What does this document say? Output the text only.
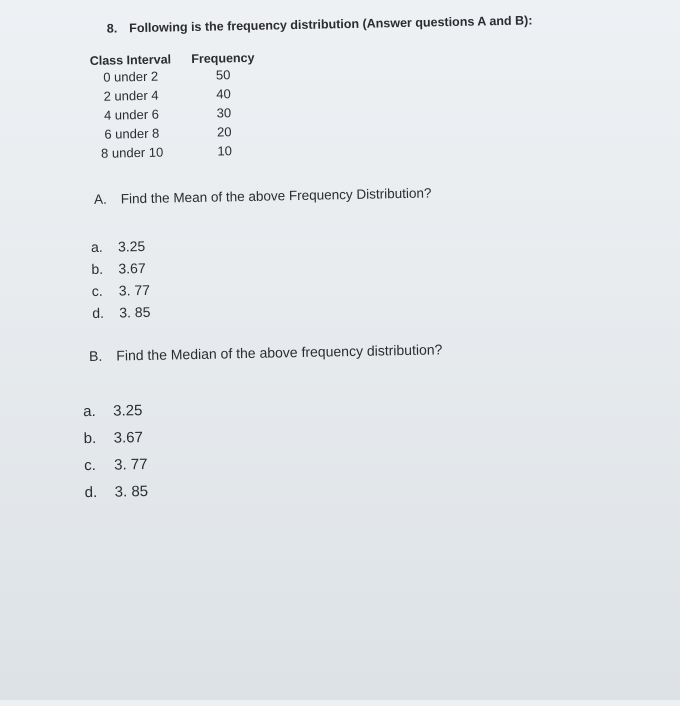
8. Following is the frequency distribution (Answer questions A and B):
Class Interval	Frequency
0 under 2	50
2 under 4	40
4 under 6	30
6 under 8	20
8 under 10	10
A. Find the Mean of the above Frequency Distribution?
a.	3.25
b.	3.67
c.	3. 77
d.	3. 85
B. Find the Median of the above frequency distribution?
a.	3.25
b.	3.67
c.	3. 77
d.	3. 85
